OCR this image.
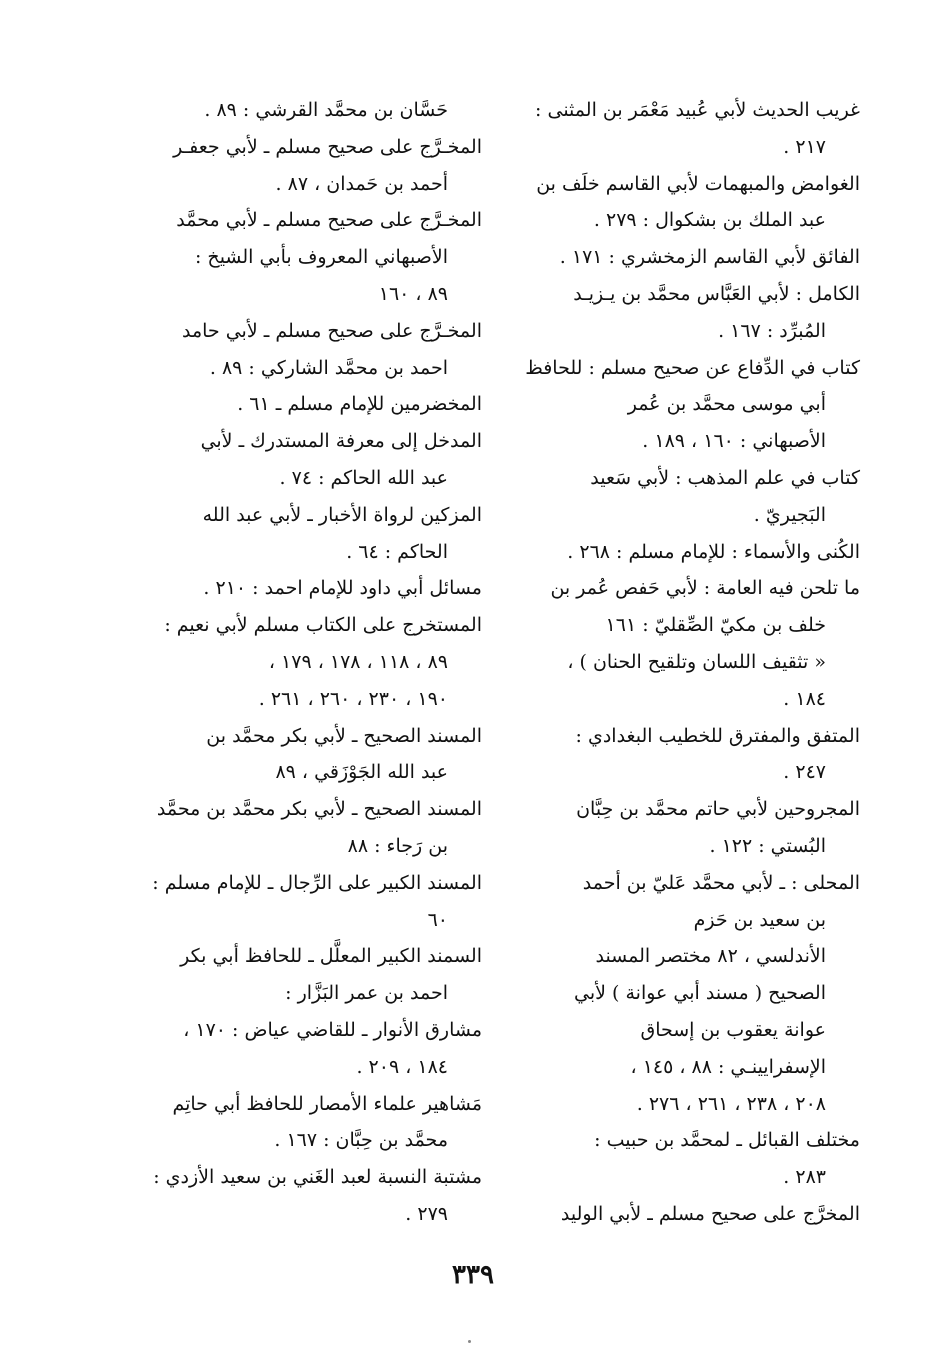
غريب الحديث لأبي عُبيد مَعْمَر بن المثنى :
٢١٧ .
الغوامض والمبهمات لأبي القاسم خلَف بن
عبد الملك بن بشكوال : ٢٧٩ .
الفائق لأبي القاسم الزمخشري : ١٧١ .
الكامل : لأبي العَبَّاس محمَّد بن يـزيـد
المُبرِّد : ١٦٧ .
كتاب في الدِّفاع عن صحيح مسلم : للحافظ
أبي موسى محمَّد بن عُمر
الأصبهاني : ١٦٠ ، ١٨٩ .
كتاب في علم المذهب : لأبي سَعيد
البَجيريّ .
الكُنى والأسماء : للإمام مسلم : ٢٦٨ .
ما تلحن فيه العامة : لأبي حَفص عُمر بن
خلف بن مكيّ الصِّقليّ : ١٦١
« تثقيف اللسان وتلقيح الحنان ) ،
١٨٤ .
المتفق والمفترق للخطيب البغدادي :
٢٤٧ .
المجروحين لأبي حاتم محمَّد بن حِبَّان
البُستي : ١٢٢ .
المحلى : ـ لأبي محمَّد عَليّ بن أحمد
بن سعيد بن حَزم
الأندلسي ، ٨٢ مختصر المسند
الصحيح ( مسند أبي عوانة ) لأبي
عوانة يعقوب بن إسحاق
الإسفرايينـي : ٨٨ ، ١٤٥ ،
٢٠٨ ، ٢٣٨ ، ٢٦١ ، ٢٧٦ .
مختلف القبائل ـ لمحمَّد بن حبيب :
٢٨٣ .
المخرَّج على صحيح مسلم ـ لأبي الوليد
حَسَّان بن محمَّد القرشي : ٨٩ .
المخـرَّج على صحيح مسلم ـ لأبي جعفـر
أحمد بن حَمدان ، ٨٧ .
المخـرَّج على صحيح مسلم ـ لأبي محمَّد
الأصبهاني المعروف بأبي الشيخ :
٨٩ ، ١٦٠
المخـرَّج على صحيح مسلم ـ لأبي حامد
احمد بن محمَّد الشاركي : ٨٩ .
المخضرمين للإمام مسلم ـ ٦١ .
المدخل إلى معرفة المستدرك ـ لأبي
عبد الله الحاكم : ٧٤ .
المزكين لرواة الأخبار ـ لأبي عبد الله
الحاكم : ٦٤ .
مسائل أبي داود للإمام احمد : ٢١٠ .
المستخرج على الكتاب مسلم لأبي نعيم :
٨٩ ، ١١٨ ، ١٧٨ ، ١٧٩ ،
١٩٠ ، ٢٣٠ ، ٢٦٠ ، ٢٦١ .
المسند الصحيح ـ لأبي بكر محمَّد بن
عبد الله الجَوْزَقي ، ٨٩
المسند الصحيح ـ لأبي بكر محمَّد بن محمَّد
بن رَجاء : ٨٨
المسند الكبير على الرِّجال ـ للإمام مسلم :
٦٠
السمند الكبير المعلَّل ـ للحافظ أبي بكر
احمد بن عمر البَزَّار :
مشارق الأنوار ـ للقاضي عياض : ١٧٠ ،
١٨٤ ، ٢٠٩ .
مَشاهير علماء الأمصار للحافظ أبي حاتِم
محمَّد بن حِبَّان : ١٦٧ .
مشتبة النسبة لعبد الغَني بن سعيد الأزدي :
٢٧٩ .
٣٣٩
